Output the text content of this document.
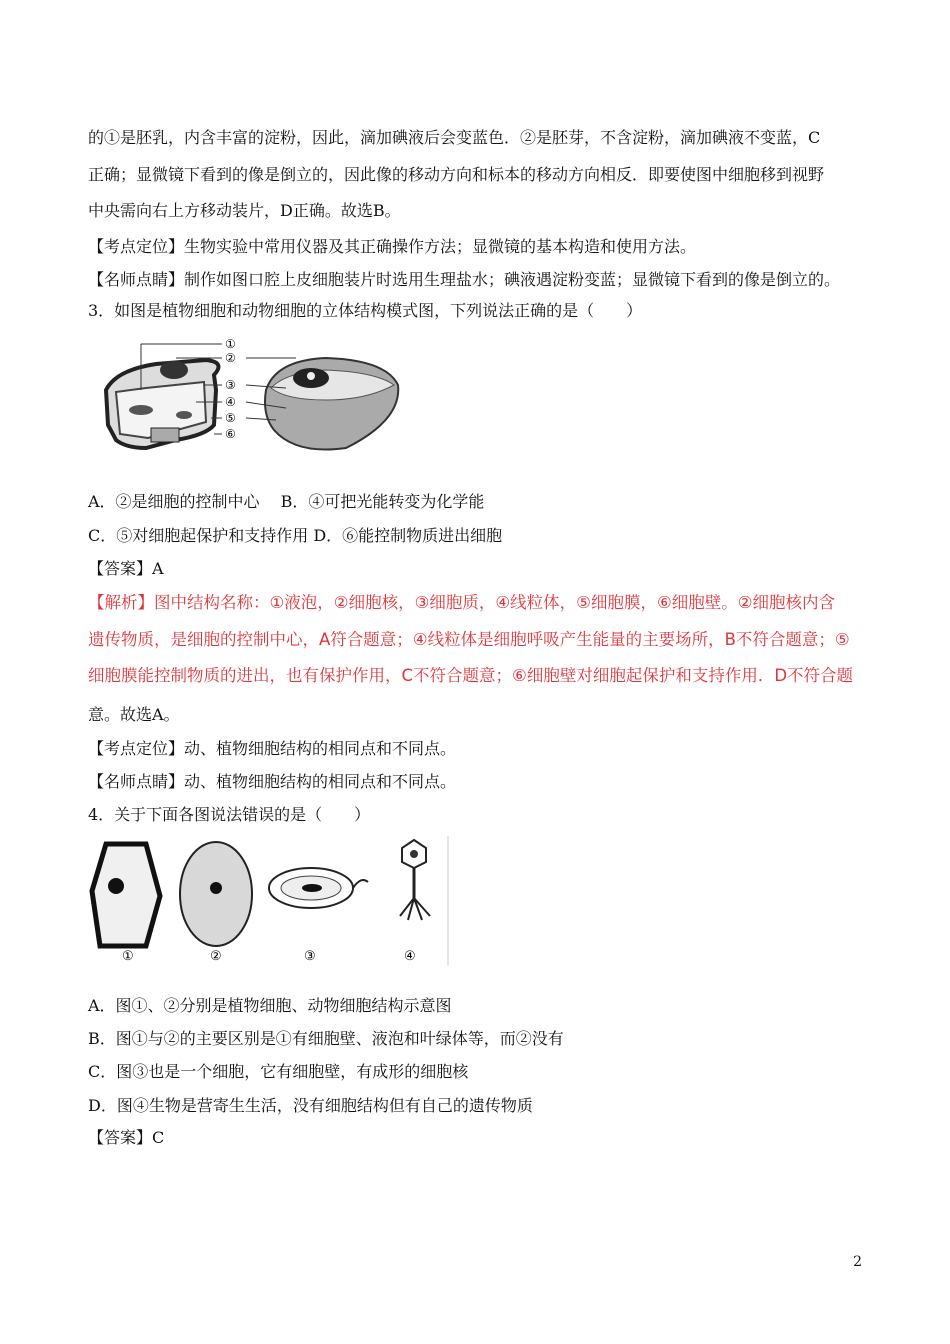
的①是胚乳，内含丰富的淀粉，因此，滴加碘液后会变蓝色．②是胚芽，不含淀粉，滴加碘液不变蓝，C
正确；显微镜下看到的像是倒立的，因此像的移动方向和标本的移动方向相反．即要使图中细胞移到视野
中央需向右上方移动装片，D正确。故选B。
【考点定位】生物实验中常用仪器及其正确操作方法；显微镜的基本构造和使用方法。
【名师点睛】制作如图口腔上皮细胞装片时选用生理盐水；碘液遇淀粉变蓝；显微镜下看到的像是倒立的。
3．如图是植物细胞和动物细胞的立体结构模式图，下列说法正确的是（　　）
①
②
③
④
⑤
⑥
A．②是细胞的控制中心　 B．④可把光能转变为化学能
C．⑤对细胞起保护和支持作用 D．⑥能控制物质进出细胞
【答案】A
【解析】图中结构名称：①液泡，②细胞核，③细胞质，④线粒体，⑤细胞膜，⑥细胞壁。②细胞核内含
遗传物质，是细胞的控制中心，A符合题意；④线粒体是细胞呼吸产生能量的主要场所，B不符合题意；⑤
细胞膜能控制物质的进出，也有保护作用，C不符合题意；⑥细胞壁对细胞起保护和支持作用．D不符合题
意。故选A。
【考点定位】动、植物细胞结构的相同点和不同点。
【名师点睛】动、植物细胞结构的相同点和不同点。
4．关于下面各图说法错误的是（　　）
①	②	③	④
A．图①、②分别是植物细胞、动物细胞结构示意图
B．图①与②的主要区别是①有细胞壁、液泡和叶绿体等，而②没有
C．图③也是一个细胞，它有细胞壁，有成形的细胞核
D．图④生物是营寄生生活，没有细胞结构但有自己的遗传物质
【答案】C
2
